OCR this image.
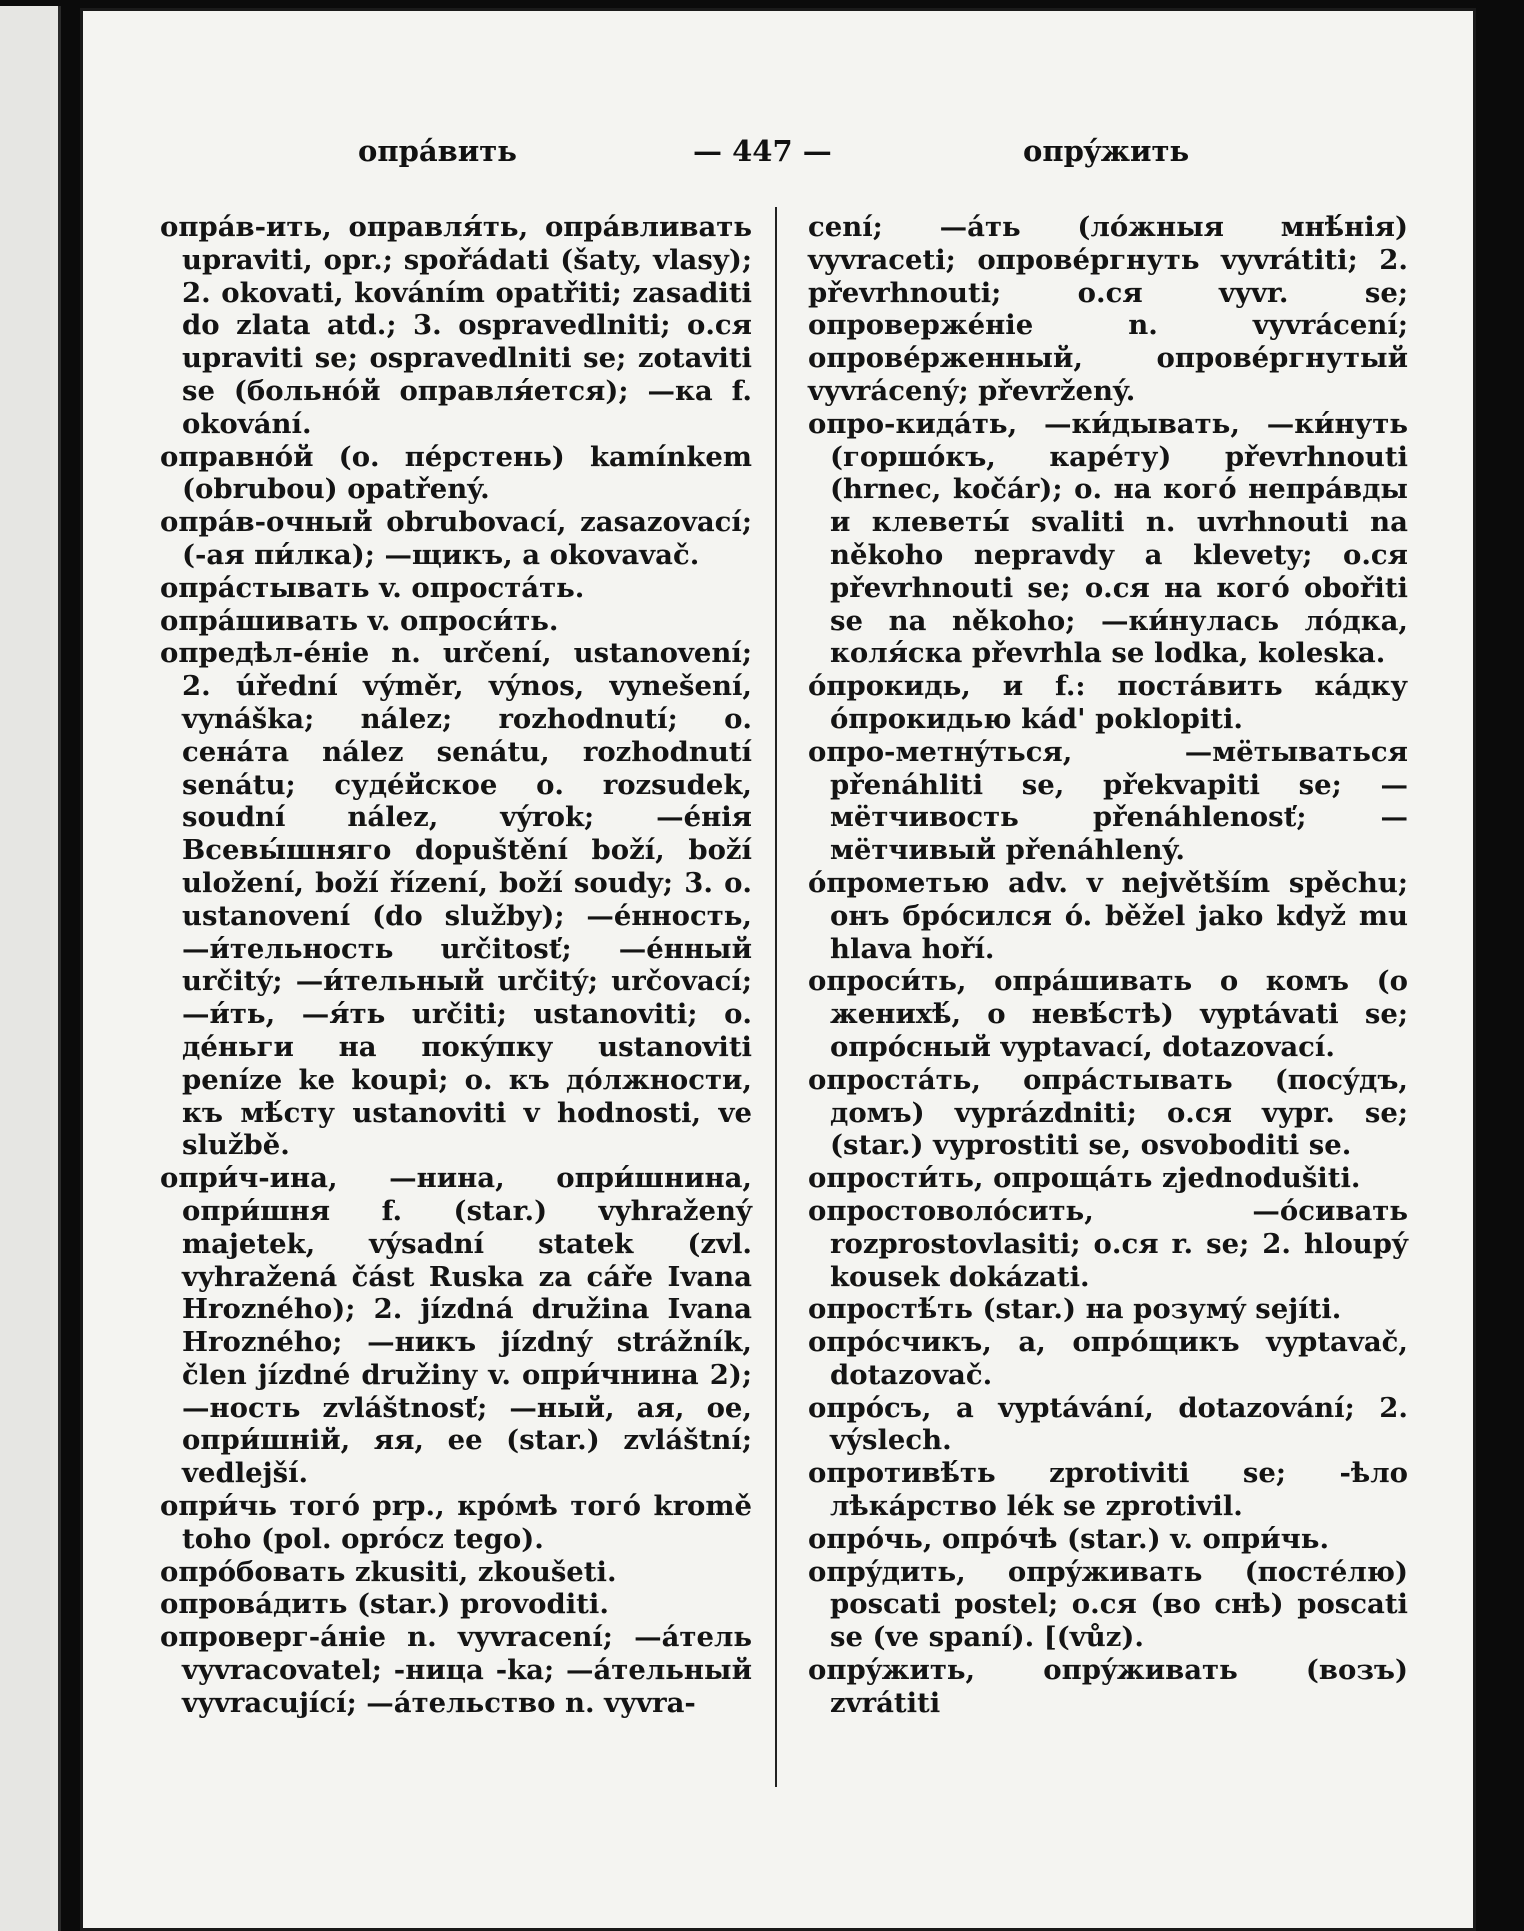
опрáвить	— 447 —	опрýжить
опрáв-ить, оправля́ть, опрáвливать upraviti, opr.; spořádati (šaty, vlasy); 2. okovati, kováním opatřiti; zasaditi do zlata atd.; 3. ospravedlniti; о.ся upraviti se; ospravedlniti se; zotaviti se (больнóй оправля́ется); —ка f. okování.
оправнóй (о. пéрстень) kamínkem (obrubou) opatřený.
опрáв-очный obrubovací, zasazovací; (-ая пи́лка); —щикъ, a okovavač.
опрáстывать v. опростáть.
опрáшивать v. опроси́ть.
опредѣл-éніе n. určení, ustanovení; 2. úřední výměr, výnos, vynešení, vynáška; nález; rozhodnutí; о. сенáта nález senátu, rozhodnutí senátu; судéйское о. rozsudek, soudní nález, výrok; —éнія Всевы́шняго dopuštění boží, boží uložení, boží řízení, boží soudy; 3. о. ustanovení (do služby); —éнность, —и́тельность určitosť; —éнный určitý; —и́тельный určitý; určovací; —и́ть, —я́ть určiti; ustanoviti; о. дéньги на покýпку ustanoviti peníze ke koupi; о. къ дóлжности, къ мѣ́сту ustanoviti v hodnosti, ve službě.
опри́ч-ина, —нина, опри́шнина, опри́шня f. (star.) vyhražený majetek, výsadní statek (zvl. vyhražená část Ruska za cáře Ivana Hrozného); 2. jízdná družina Ivana Hrozného; —никъ jízdný strážník, člen jízdné družiny v. опри́чнина 2); —ность zvláštnosť; —ный, ая, ое, опри́шній, яя, ее (star.) zvláštní; vedlejší.
опри́чь тогó prp., крóмѣ тогó kromě toho (pol. oprócz tego).
опрóбовать zkusiti, zkoušeti.
опровáдить (star.) provoditi.
опроверг-áніе n. vyvracení; —áтель vyvracovatel; -ница -ka; —áтельный vyvracující; —áтельство n. vyvra-
cení; —áть (лóжныя мнѣ́нія) vyvraceti; опровéргнуть vyvrátiti; 2. převrhnouti; о.ся vyvr. se; опровержéніе n. vyvrácení; опровéрженный, опровéргнутый vyvrácený; převržený.
опро-кидáть, —ки́дывать, —ки́нуть (горшóкъ, карéту) převrhnouti (hrnec, kočár); о. на когó непрáвды и клеветы́ svaliti n. uvrhnouti na někoho nepravdy a klevety; о.ся převrhnouti se; о.ся на когó obořiti se na někoho; —ки́нулась лóдка, коля́ска převrhla se lodka, koleska.
óпрокидь, и f.: постáвить кáдку óпрокидью kád' poklopiti.
опро-метнýться, —мётываться přenáhliti se, překvapiti se; —мётчивость přenáhlenosť; —мётчивый přenáhlený.
óпрометью adv. v největším spěchu; онъ брóсился ó. běžel jako když mu hlava hoří.
опроси́ть, опрáшивать о комъ (о женихѣ́, о невѣ́стѣ) vyptávati se; опрóсный vyptavací, dotazovací.
опростáть, опрáстывать (посýдъ, домъ) vyprázdniti; о.ся vypr. se; (star.) vyprostiti se, osvoboditi se.
опрости́ть, опрощáть zjednodušiti.
опростоволóсить, —óсивать rozprostovlasiti; о.ся r. se; 2. hloupý kousek dokázati.
опростѣ́ть (star.) на розумý sejíti.
опрóсчикъ, а, опрóщикъ vyptavač, dotazovač.
опрóсъ, а vyptávání, dotazování; 2. výslech.
опротивѣ́ть zprotiviti se; -ѣло лѣкáрство lék se zprotivil.
опрóчь, опрóчѣ (star.) v. опри́чь.
опрýдить, опрýживать (постéлю) poscati postel; о.ся (во снѣ) poscati se (ve spaní). [(vůz).
опрýжить, опрýживать (возъ) zvrátiti
